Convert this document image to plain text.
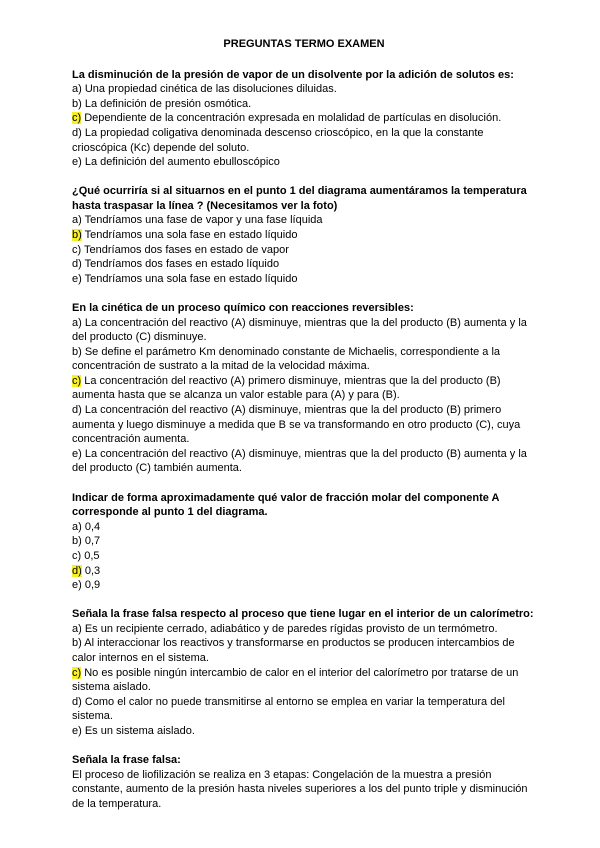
PREGUNTAS TERMO EXAMEN
La disminución de la presión de vapor de un disolvente por la adición de solutos es:
a) Una propiedad cinética de las disoluciones diluidas.
b) La definición de presión osmótica.
c) Dependiente de la concentración expresada en molalidad de partículas en disolución.
d) La propiedad coligativa denominada descenso crioscópico, en la que la constante crioscópica (Kc) depende del soluto.
e) La definición del aumento ebulloscópico
¿Qué ocurriría si al situarnos en el punto 1 del diagrama aumentáramos la temperatura hasta traspasar la línea ? (Necesitamos ver la foto)
a) Tendríamos una fase de vapor y una fase líquida
b) Tendríamos una sola fase en estado líquido
c) Tendríamos dos fases en estado de vapor
d) Tendríamos dos fases en estado líquido
e) Tendríamos una sola fase en estado líquido
En la cinética de un proceso químico con reacciones reversibles:
a) La concentración del reactivo (A) disminuye, mientras que la del producto (B) aumenta y la del producto (C) disminuye.
b) Se define el parámetro Km denominado constante de Michaelis, correspondiente a la concentración de sustrato a la mitad de la velocidad máxima.
c) La concentración del reactivo (A) primero disminuye, mientras que la del producto (B) aumenta hasta que se alcanza un valor estable para (A) y para (B).
d) La concentración del reactivo (A) disminuye, mientras que la del producto (B) primero aumenta y luego disminuye a medida que B se va transformando en otro producto (C), cuya concentración aumenta.
e) La concentración del reactivo (A) disminuye, mientras que la del producto (B) aumenta y la del producto (C) también aumenta.
Indicar de forma aproximadamente qué valor de fracción molar del componente A corresponde al punto 1 del diagrama.
a) 0,4
b) 0,7
c) 0,5
d) 0,3
e) 0,9
Señala la frase falsa respecto al proceso que tiene lugar en el interior de un calorímetro:
a) Es un recipiente cerrado, adiabático y de paredes rígidas provisto de un termómetro.
b) Al interaccionar los reactivos y transformarse en productos se producen intercambios de calor internos en el sistema.
c) No es posible ningún intercambio de calor en el interior del calorímetro por tratarse de un sistema aislado.
d) Como el calor no puede transmitirse al entorno se emplea en variar la temperatura del sistema.
e) Es un sistema aislado.
Señala la frase falsa:
El proceso de liofilización se realiza en 3 etapas: Congelación de la muestra a presión constante, aumento de la presión hasta niveles superiores a los del punto triple y disminución de la temperatura.
